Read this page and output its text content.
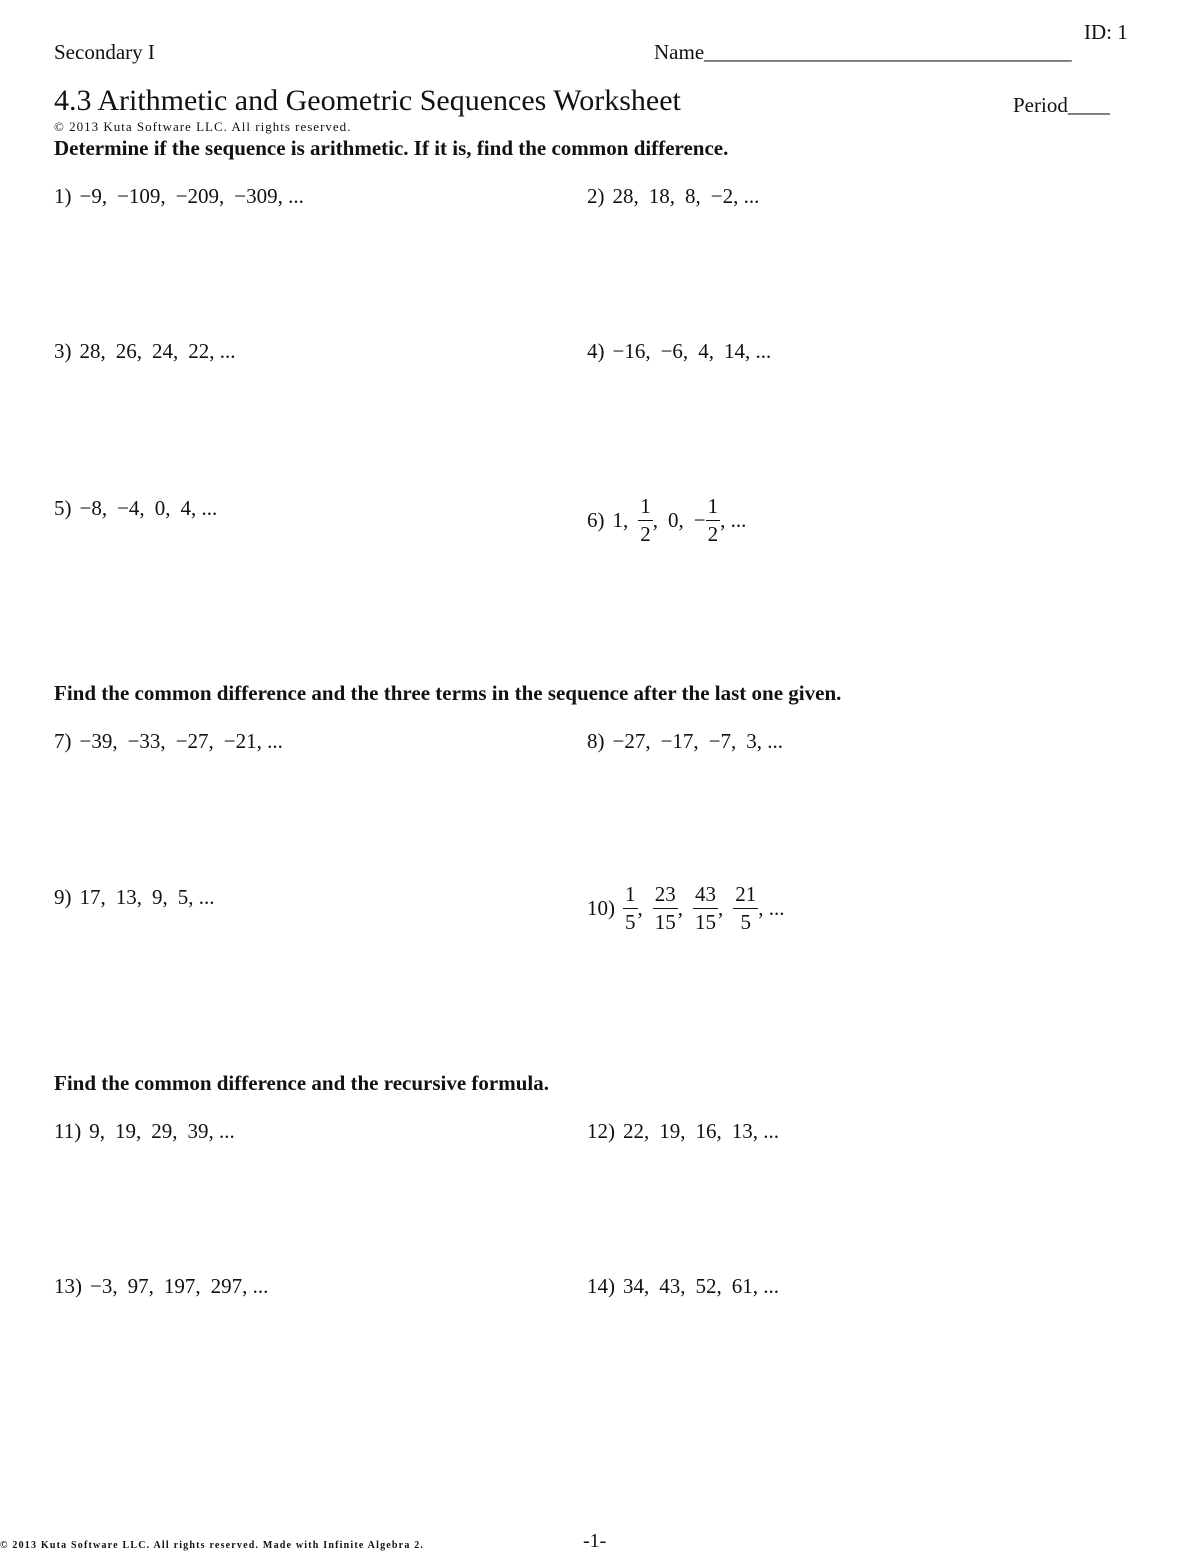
ID: 1
Secondary I	Name___________________________________
4.3 Arithmetic and Geometric Sequences Worksheet	Period____
© 2013 Kuta Software LLC. All rights reserved.
Determine if the sequence is arithmetic. If it is, find the common difference.
1) −9, −109, −209, −309, ...	2) 28, 18, 8, −2, ...
3) 28, 26, 24, 22, ...	4) −16, −6, 4, 14, ...
5) −8, −4, 0, 4, ...	6) 1, $\frac{1}{2}$ , 0, − $\frac{1}{2}$ , ...
Find the common difference and the three terms in the sequence after the last one given.
7) −39, −33, −27, −21, ...	8) −27, −17, −7, 3, ...
9) 17, 13, 9, 5, ...	$10) \frac{1}{5}$ , $\frac{23}{15}$ , $\frac{43}{15}$ , $\frac{21}{5}$ , ...
Find the common difference and the recursive formula.
11) 9, 19, 29, 39, ...	12) 22, 19, 16, 13, ...
13) −3, 97, 197, 297, ...	14) 34, 43, 52, 61, ...
© 2013 Kuta Software LLC. All rights reserved. Made with Infinite Algebra 2.	-1-
